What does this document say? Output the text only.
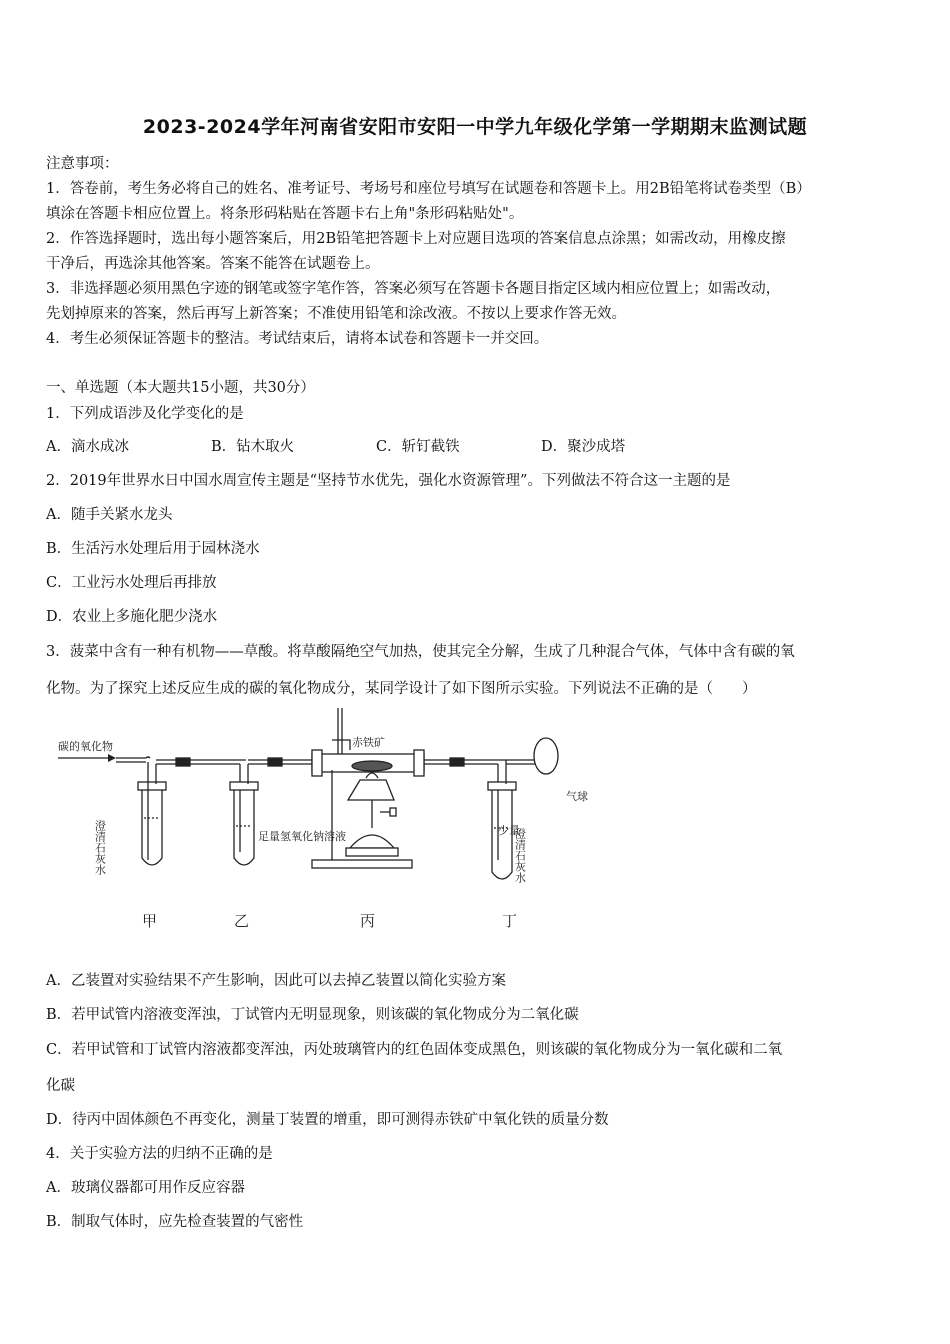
2023-2024学年河南省安阳市安阳一中学九年级化学第一学期期末监测试题
注意事项：
1．答卷前，考生务必将自己的姓名、准考证号、考场号和座位号填写在试题卷和答题卡上。用2B铅笔将试卷类型（B）
填涂在答题卡相应位置上。将条形码粘贴在答题卡右上角"条形码粘贴处"。
2．作答选择题时，选出每小题答案后，用2B铅笔把答题卡上对应题目选项的答案信息点涂黑；如需改动，用橡皮擦
干净后，再选涂其他答案。答案不能答在试题卷上。
3．非选择题必须用黑色字迹的钢笔或签字笔作答，答案必须写在答题卡各题目指定区域内相应位置上；如需改动，
先划掉原来的答案，然后再写上新答案；不准使用铅笔和涂改液。不按以上要求作答无效。
4．考生必须保证答题卡的整洁。考试结束后，请将本试卷和答题卡一并交回。
一、单选题（本大题共15小题，共30分）
1．下列成语涉及化学变化的是
A．滴水成冰	B．钻木取火	C．斩钉截铁	D．聚沙成塔
2．2019年世界水日中国水周宣传主题是“坚持节水优先，强化水资源管理”。下列做法不符合这一主题的是
A．随手关紧水龙头
B．生活污水处理后用于园林浇水
C．工业污水处理后再排放
D．农业上多施化肥少浇水
3．菠菜中含有一种有机物——草酸。将草酸隔绝空气加热，使其完全分解，生成了几种混合气体，气体中含有碳的氧
化物。为了探究上述反应生成的碳的氧化物成分，某同学设计了如下图所示实验。下列说法不正确的是（　　）
碳的氧化物	赤铁矿
气球
足量氢氧化钠溶液	少量
澄清石灰水	澄清石灰水
甲	乙	丙	丁
A．乙装置对实验结果不产生影响，因此可以去掉乙装置以简化实验方案
B．若甲试管内溶液变浑浊，丁试管内无明显现象，则该碳的氧化物成分为二氧化碳
C．若甲试管和丁试管内溶液都变浑浊，丙处玻璃管内的红色固体变成黑色，则该碳的氧化物成分为一氧化碳和二氧
化碳
D．待丙中固体颜色不再变化，测量丁装置的增重，即可测得赤铁矿中氧化铁的质量分数
4．关于实验方法的归纳不正确的是
A．玻璃仪器都可用作反应容器
B．制取气体时，应先检查装置的气密性
